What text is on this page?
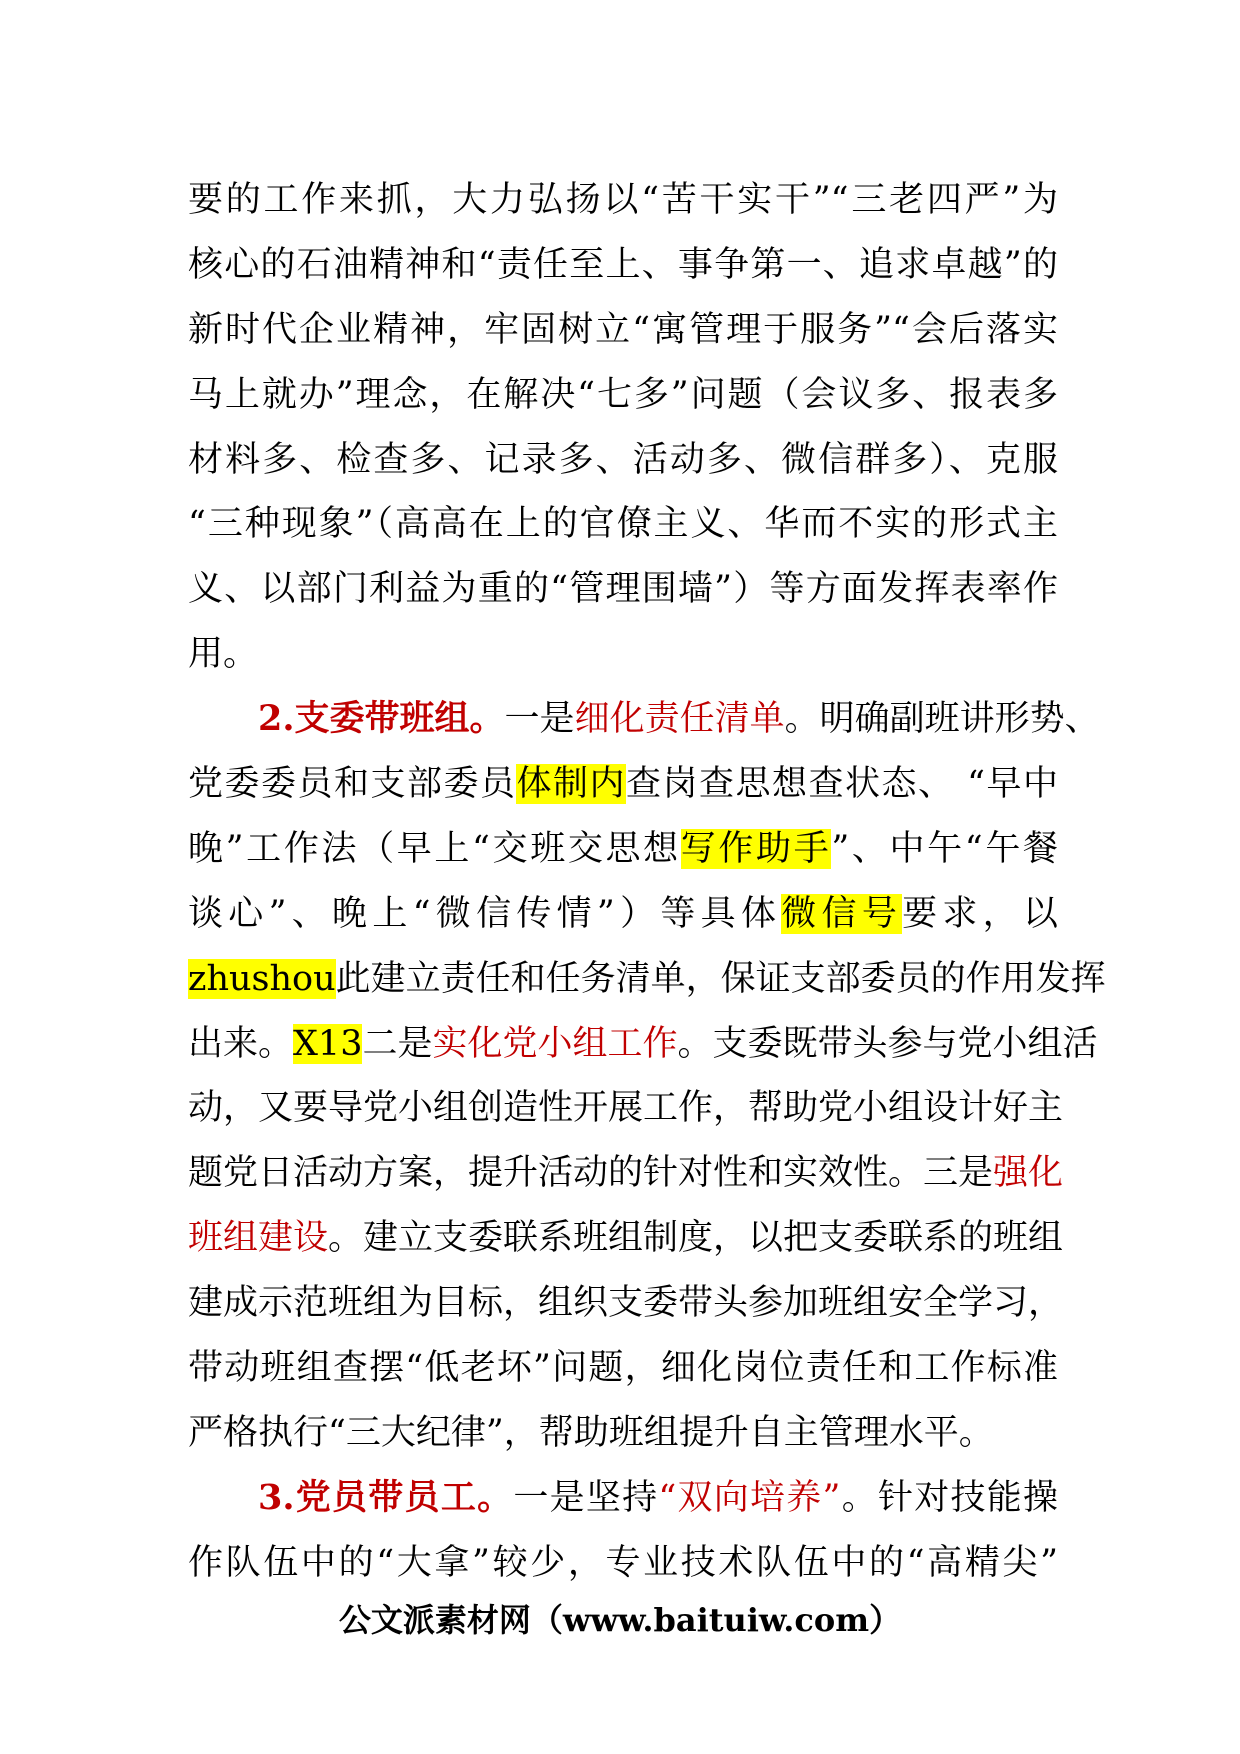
要的工作来抓，大力弘扬以“苦干实干”“三老四严”为
核心的石油精神和“责任至上、事争第一、追求卓越”的
新时代企业精神，牢固树立“寓管理于服务”“会后落实
马上就办”理念，在解决“七多”问题（会议多、报表多
材料多、检查多、记录多、活动多、微信群多）、克服
“三种现象”（高高在上的官僚主义、华而不实的形式主
义、以部门利益为重的“管理围墙”）等方面发挥表率作
用。
2.支委带班组。一是细化责任清单。明确副班讲形势、
党委委员和支部委员体制内查岗查思想查状态、 “早中
晚”工作法（早上“交班交思想写作助手”、中午“午餐
谈心”、晚上“微信传情”）等具体微信号要求，以
zhushou此建立责任和任务清单，保证支部委员的作用发挥
出来。X13二是实化党小组工作。支委既带头参与党小组活
动，又要导党小组创造性开展工作，帮助党小组设计好主
题党日活动方案，提升活动的针对性和实效性。三是强化
班组建设。建立支委联系班组制度，以把支委联系的班组
建成示范班组为目标，组织支委带头参加班组安全学习，
带动班组查摆“低老坏”问题，细化岗位责任和工作标准
严格执行“三大纪律”，帮助班组提升自主管理水平。
3.党员带员工。一是坚持“双向培养”。针对技能操
作队伍中的“大拿”较少，专业技术队伍中的“高精尖”
公文派素材网（www.baituiw.com）
